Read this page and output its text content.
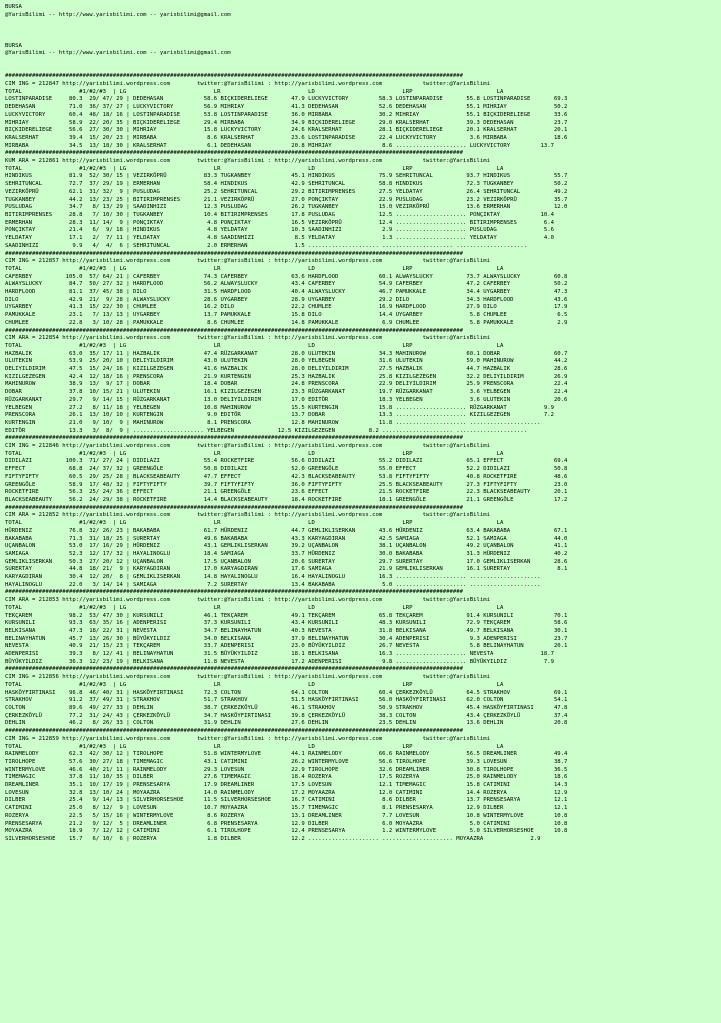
BURSA
@YarisBilimi -- http://www.yarisbilimi.com -- yarisbilimi@gmail.com

BURSA
@YarisBilimi -- http://www.yarisbilimi.com -- yarisbilimi@gmail.com

########################################################################################################################################
CIM ING = 212847 http://yarisbilimi.wordpress.com        twitter:@YarisBilimi : http://yarisbilimi.wordpress.com            twitter:@YarisBilimi
TOTAL                 #1/#2/#3  | LG                          LR                          LD                          LRP                         LA
LOSTINPARADISE     80.3  29/ 47/ 29 | DEDEHASAN            58.6 BIÇKIDERELIEGE       47.9 LUCKYVICTORY         58.3 LOSTINPARADISE       55.8 LOSTINPARADISE       69.3
DEDEHASAN          71.0  36/ 37/ 27 | LUCKYVICTORY         56.9 MIHRIAY              41.3 DEDEHASAN            52.6 DEDEHASAN            55.1 MIHRIAY              50.2
LUCKYVICTORY       60.4  48/ 18/ 16 | LOSTINPARADISE       53.8 LOSTINPARADISE       36.0 MIRBABA              30.2 MIHRIAY              55.1 BIÇKIDERELIEGE       33.6
MIHRIAY            58.9  22/ 20/ 35 | BIÇKIDERELIEGE       29.4 MIRBABA              34.9 BIÇKIDERELIEGE       29.0 KRALSERHAT           39.3 DEDEHASAN            23.7
BIÇKIDERELIEGE     56.6  27/ 30/ 30 | MIHRIAY              15.8 LUCKYVICTORY         24.6 KRALSERHAT           28.1 BIÇKIDERELIEGE       20.1 KRALSERHAT           20.1
KRALSERHAT         39.4  15/ 20/ 23 | MIRBABA               8.6 KRALSERHAT           23.6 LOSTINPARADISE       22.4 LUCKYVICTORY          3.6 MIRBABA              18.6
MIRBABA            34.5  13/ 18/ 30 | KRALSERHAT            6.1 DEDEHASAN            20.8 MIHRIAY               8.6 ..................... LUCKYVICTORY         13.7
########################################################################################################################################
KUM ARA = 212861 http://yarisbilimi.wordpress.com        twitter:@YarisBilimi : http://yarisbilimi.wordpress.com            twitter:@YarisBilimi
TOTAL                 #1/#2/#3  | LG                          LR                          LD                          LRP                         LA
HINDIKUS           81.9  52/ 30/ 15 | VEZIRKÖPRÜ           83.3 TUGKANBEY            45.1 HINDIKUS             75.9 SEHRITUNCAL          93.7 HINDIKUS             55.7
SEHRITUNCAL        72.7  37/ 29/ 19 | ERMERHAN             58.4 HINDIKUS             42.9 SEHRITUNCAL          58.8 HINDIKUS             72.3 TUGKANBEY            50.2
VEZIRKÖPRÜ         62.1  31/ 32/  9 | PUSLUDAG             25.2 SEHRITUNCAL          29.2 BITIRIMPRENSES       27.5 YELDATAY             26.4 SEHRITUNCAL          49.2
TUGKANBEY          44.2  13/ 23/ 25 | BITIRIMPRENSES       21.1 VEZIRKÖPRÜ           27.0 PONÇIKTAY            22.9 PUSLUDAG             23.2 VEZIRKÖPRÜ           35.7
PUSLUDAG           34.7   8/ 13/ 29 | SAADINHIZI           12.3 PUSLUDAG             26.2 TUGKANBEY            15.0 VEZIRKÖPRÜ           13.6 ERMERHAN             12.0
BITIRIMPRENSES     28.8   7/ 10/ 30 | TUGKANBEY            10.4 BITIRIMPRENSES       17.8 PUSLUDAG             12.5 ..................... PONÇIKTAY            10.4
ERMERHAN           28.3  11/ 14/  9 | PONÇIKTAY             4.8 PONÇIKTAY            16.5 VEZIRKÖPRÜ           12.4 ..................... BITIRIMPRENSES        6.4
PONÇIKTAY          21.4   6/  9/ 18 | HINDIKUS              4.8 YELDATAY             10.3 SAADINHIZI            2.9 ..................... PUSLUDAG              5.6
YELDATAY           17.1   2/  7/ 11 | YELDATAY              4.8 SAADINHIZI            8.5 YELDATAY              1.3 ..................... YELDATAY              4.0
SAADINHIZI          9.9   4/  4/  6 | SEHRITUNCAL           2.0 ERMERHAN              1.5 ..................... ..................... .....................
########################################################################################################################################
CIM ING = 212857 http://yarisbilimi.wordpress.com        twitter:@YarisBilimi : http://yarisbilimi.wordpress.com            twitter:@YarisBilimi
TOTAL                 #1/#2/#3  | LG                          LR                          LD                          LRP                         LA
CAFERBEY          105.0  57/ 64/ 21 | CAFERBEY             74.3 CAFERBEY             63.6 HARDFLOOD            60.1 ALWAYSLUCKY          73.7 ALWAYSLUCKY          60.8
ALWAYSLUCKY        84.7  50/ 27/ 32 | HARDFLOOD            56.2 ALWAYSLUCKY          43.4 CAFERBEY             54.9 CAFERBEY             47.2 CAFERBEY             50.2
HARDFLOOD          81.1  37/ 45/ 38 | DILO                 31.5 HARDFLOOD            40.4 ALWAYSLUCKY          46.7 PAMUKKALE            34.4 UYGARBEY             47.3
DILO               42.9  21/  9/ 28 | ALWAYSLUCKY          28.6 UYGARBEY             28.9 UYGARBEY             29.2 DILO                 34.3 HARDFLOOD            43.6
UYGARBEY           41.3  15/ 22/ 30 | CHUMLEE              16.2 DILO                 22.2 CHUMLEE              16.9 HARDFLOOD            27.9 DILO                 17.9
PAMUKKALE          23.1   7/ 13/ 13 | UYGARBEY             13.7 PAMUKKALE            15.8 DILO                 14.4 UYGARBEY              5.8 CHUMLEE               6.5
CHUMLEE            22.8   3/ 10/ 28 | PAMUKKALE             8.6 CHUMLEE              14.8 PAMUKKALE             6.9 CHUMLEE               5.8 PAMUKKALE             2.9
########################################################################################################################################
CIM ARA = 212854 http://yarisbilimi.wordpress.com        twitter:@YarisBilimi : http://yarisbilimi.wordpress.com            twitter:@YarisBilimi
TOTAL                 #1/#2/#3  | LG                          LR                          LD                          LRP                         LA
HAZBALIK           63.0  35/ 17/ 11 | HAZBALIK             47.4 RÜZGARKANAT          28.0 ULUTEKIN             34.3 MAHINUROW            60.1 DOBAR                60.7
ULUTEKIN           53.9  25/ 20/ 10 | DELIYILDIRIM         43.0 ULUTEKIN             28.0 YELBEGEN             31.6 ULUTEKIN             59.0 MAHINUROW            44.2
DELIYILDIRIM       47.5  15/ 24/ 16 | KIZILGEZEGEN         41.6 HAZBALIK             28.0 DELIYILDIRIM         27.5 HAZBALIK             44.7 HAZBALIK             28.6
KIZILGEZEGEN       42.4  12/ 18/ 16 | PRENSCORA            21.9 KURTENGIN            25.3 HAZBALIK             25.8 KIZILGEZEGEN         32.2 DELIYILDIRIM         26.9
MAHINUROW          38.9  13/  9/ 17 | DOBAR                18.4 DOBAR                24.8 PRENSCORA            22.9 DELIYILDIRIM         25.9 PRENSCORA            22.4
DOBAR              37.8  10/ 15/ 21 | ULUTEKIN             16.1 KIZILGEZEGEN         23.3 RÜZGARKANAT          19.7 RÜZGARKANAT           3.6 YELBEGEN             22.4
RÜZGARKANAT        29.7   9/ 14/ 15 | RÜZGARKANAT          13.0 DELIYILDIRIM         17.0 EDITÖR               18.3 YELBEGEN              3.6 ULUTEKIN             20.6
YELBEGEN           27.2   8/ 11/ 18 | YELBEGEN             10.8 MAHINUROW            15.5 KURTENGIN            15.8 ..................... RÜZGARKANAT           9.9
PRENSCORA          26.1  13/ 10/ 10 | KURTENGIN             9.0 EDITÖR               13.7 DOBAR                13.3 ..................... KIZILGEZEGEN          7.2
KURTENGIN          21.0   9/ 10/  9 | MAHINUROW             8.1 PRENSCORA            12.8 MAHINUROW            11.8 ..................... .....................
EDITÖR             13.3   3/  8/  9 | ..................... YELBEGEN             12.5 KIZILGEZEGEN          8.2 ..................... .....................
########################################################################################################################################
CIM ING = 212846 http://yarisbilimi.wordpress.com        twitter:@YarisBilimi : http://yarisbilimi.wordpress.com            twitter:@YarisBilimi
TOTAL                 #1/#2/#3  | LG                          LR                          LD                          LRP                         LA
DIDILAZI          100.3  71/ 27/ 24 | DIDILAZI             55.4 ROCKETFIRE           56.6 DIDILAZI             55.2 DIDILAZI             65.1 EFFECT               69.4
EFFECT             68.8  24/ 37/ 32 | GREENGÖLE            50.8 DIDILAZI             52.0 GREENGÖLE            55.0 EFFECT               52.2 DIDILAZI             50.8
FIFTYFIFTY         60.5  29/ 25/ 28 | BLACKSEABEAUTY       47.7 EFFECT               42.3 BLACKSEABEAUTY       53.8 FIFTYFIFTY           40.8 ROCKETFIRE           48.6
GREENGÖLE          58.9  17/ 48/ 32 | FIFTYFIFTY           39.7 FIFTYFIFTY           36.0 FIFTYFIFTY           25.5 BLACKSEABEAUTY       27.3 FIFTYFIFTY           23.0
ROCKETFIRE         56.3  25/ 24/ 36 | EFFECT               21.1 GREENGÖLE            23.6 EFFECT               21.5 ROCKETFIRE           22.3 BLACKSEABEAUTY       20.1
BLACKSEABEAUTY     56.2  24/ 29/ 38 | ROCKETFIRE           14.4 BLACKSEABEAUTY       18.4 ROCKETFIRE           18.1 GREENGÖLE            21.1 GREENGÖLE            17.2
########################################################################################################################################
CIM ARA = 212852 http://yarisbilimi.wordpress.com        twitter:@YarisBilimi : http://yarisbilimi.wordpress.com            twitter:@YarisBilimi
TOTAL                 #1/#2/#3  | LG                          LR                          LD                          LRP                         LA
HÜRDENIZ           76.8  32/ 26/ 23 | BAKABABA             61.7 HÜRDENIZ             44.7 GEMLIKLISERKAN       43.6 HÜRDENIZ             63.4 BAKABABA             67.1
BAKABABA           71.3  31/ 18/ 25 | SURERTAY             49.6 BAKABABA             43.3 KARYAGDIRAN          42.5 SAMIAGA              52.1 SAMIAGA              44.0
UÇANBALON          53.0  17/ 16/ 29 | HÜRDENIZ             43.1 GEMLIKLISERKAN       39.2 UÇANBALON            38.1 UÇANBALON            49.2 UÇANBALON            41.1
SAMIAGA            52.3  12/ 17/ 32 | HAYALINOGLU          18.4 SAMIAGA              33.7 HÜRDENIZ             30.0 BAKABABA             31.3 HÜRDENIZ             40.2
GEMLIKLISERKAN     50.3  27/ 20/ 12 | UÇANBALON            17.5 UÇANBALON            20.6 SURERTAY             29.7 SURERTAY             17.0 GEMLIKLISERKAN       28.6
SURERTAY           44.8  18/ 21/  9 | KARYAGDIRAN          17.0 KARYAGDIRAN          17.6 SAMIAGA              21.9 GEMLIKLISERKAN       16.1 SURERTAY              8.1
KARYAGDIRAN        30.4  12/ 20/  8 | GEMLIKLISERKAN       14.8 HAYALINOGLU          16.4 HAYALINOGLU          16.3 ..................... .....................
HAYALINOGLU        22.0   3/ 14/ 14 | SAMIAGA               7.2 SURERTAY             13.4 BAKABABA              5.0 ..................... .....................
########################################################################################################################################
CIM ARA = 212853 http://yarisbilimi.wordpress.com        twitter:@YarisBilimi : http://yarisbilimi.wordpress.com            twitter:@YarisBilimi
TOTAL                 #1/#2/#3  | LG                          LR                          LD                          LRP                         LA
TEKÇAREM           98.2  53/ 47/ 30 | KURSUNILI            46.1 TEKÇAREM             49.1 TEKÇAREM             65.8 TEKÇAREM             91.4 KURSUNILI            70.1
KURSUNILI          93.3  63/ 35/ 16 | ADENPERISI           37.3 KURSUNILI            43.4 KURSUNILI            48.3 KURSUNILI            72.9 TEKÇAREM             58.6
BELKISANA          47.3  18/ 22/ 31 | NEVESTA              34.7 BELINAYHATUN         40.3 NEVESTA              31.8 BELKISANA            49.7 BELKISANA            30.1
BELINAYHATUN       45.7  13/ 26/ 30 | BÜYÜKYILDIZ          34.0 BELKISANA            37.9 BELINAYHATUN         30.4 ADENPERISI            9.3 ADENPERISI           23.7
NEVESTA            40.9  21/ 15/ 23 | TEKÇAREM             33.7 ADENPERISI           23.0 BÜYÜKYILDIZ          26.7 NEVESTA               5.8 BELINAYHATUN         20.1
ADENPERISI         39.3   8/ 12/ 41 | BELINAYHATUN         31.5 BÜYÜKYILDIZ          18.1 BELKISANA            16.3 ..................... NEVESTA              18.7
BÜYÜKYILDIZ        36.3  12/ 23/ 19 | BELKISANA            11.8 NEVESTA              17.2 ADENPERISI            9.8 ..................... BÜYÜKYILDIZ           7.9
########################################################################################################################################
CIM ING = 212856 http://yarisbilimi.wordpress.com        twitter:@YarisBilimi : http://yarisbilimi.wordpress.com            twitter:@YarisBilimi
TOTAL                 #1/#2/#3  | LG                          LR                          LD                          LRP                         LA
HASKÖYFIRTINASI    96.8  46/ 40/ 31 | HASKÖYFIRTINASI      72.3 COLTON               64.1 COLTON               60.4 ÇERKEZKÖYLÜ          64.5 STRAKHOV             69.1
STRAKHOV           91.2  37/ 49/ 31 | STRAKHOV             51.7 STRAKHOV             51.5 HASKÖYFIRTINASI      56.0 HASKÖYFIRTINASI      62.0 COLTON               54.1
COLTON             89.6  49/ 27/ 33 | DEHLIN               38.7 ÇERKEZKÖYLÜ          46.1 STRAKHOV             50.9 STRAKHOV             45.4 HASKÖYFIRTINASI      47.8
ÇERKEZKÖYLÜ        77.2  31/ 24/ 43 | ÇERKEZKÖYLÜ          34.7 HASKÖYFIRTINASI      39.8 ÇERKEZKÖYLÜ          38.3 COLTON               43.4 ÇERKEZKÖYLÜ          37.4
DEHLIN             46.2   8/ 26/ 33 | COLTON               31.9 DEHLIN               27.6 DEHLIN               23.5 DEHLIN               13.6 DEHLIN               20.8
########################################################################################################################################
CIM ING = 212859 http://yarisbilimi.wordpress.com        twitter:@YarisBilimi : http://yarisbilimi.wordpress.com            twitter:@YarisBilimi
TOTAL                 #1/#2/#3  | LG                          LR                          LD                          LRP                         LA
RAINMELODY         62.3  42/ 30/ 12 | TIROLHOPE            51.8 WINTERMYLOVE         44.1 RAINMELODY           66.6 RAINMELODY           56.5 DREAMLINER           49.4
TIROLHOPE          57.6  30/ 27/ 18 | TIMEMAGIC            43.1 CATIMINI             26.2 WINTERMYLOVE         56.6 TIROLHOPE            39.3 LOVESUN              38.7
WINTERMYLOVE       46.6  40/ 21/ 11 | RAINMELODY           29.3 LOVESUN              22.9 TIROLHOPE            32.6 DREAMLINER           30.8 TIROLHOPE            36.5
TIMEMAGIC          37.8  11/ 10/ 35 | DILBER               27.6 TIMEMAGIC            18.4 ROZERYA              17.5 ROZERYA              25.0 RAINMELODY           18.6
DREAMLINER         35.1  10/ 17/ 19 | PRENSESARYA          17.9 DREAMLINER           17.5 LOVESUN              12.1 TIMEMAGIC            15.8 CATIMINI             14.3
LOVESUN            32.8  13/ 10/ 24 | MOYAAZRA             14.0 RAINMELODY           17.2 MOYAAZRA             12.0 CATIMINI             14.4 ROZERYA              12.9
DILBER             25.4   9/ 14/ 13 | SILVERHORSESHOE      11.5 SILVERHORSESHOE      16.7 CATIMINI              8.6 DILBER               13.7 PRENSESARYA          12.1
CATIMINI           25.0   8/ 12/  9 | LOVESUN              10.7 MOYAAZRA             15.7 TIMEMAGIC             8.1 PRENSESARYA          12.9 DILBER               12.1
ROZERYA            22.5   5/ 15/ 16 | WINTERMYLOVE          8.6 ROZERYA              13.1 DREAMLINER            7.7 LOVESUN              10.8 WINTERMYLOVE         10.8
PRENSESARYA        21.2   9/ 12/  5 | DREAMLINER            6.8 PRENSESARYA          12.9 DILBER                6.0 MOYAAZRA              5.0 CATIMINI             10.8
MOYAAZRA           18.9   7/ 12/ 12 | CATIMINI              6.1 TIROLHOPE            12.4 PRENSESARYA           1.2 WINTERMYLOVE          5.0 SILVERHORSESHOE      10.8
SILVERHORSESHOE    15.7   6/ 10/  6 | ROZERYA               1.8 DILBER               12.2 ..................... ..................... MOYAAZRA              2.9
